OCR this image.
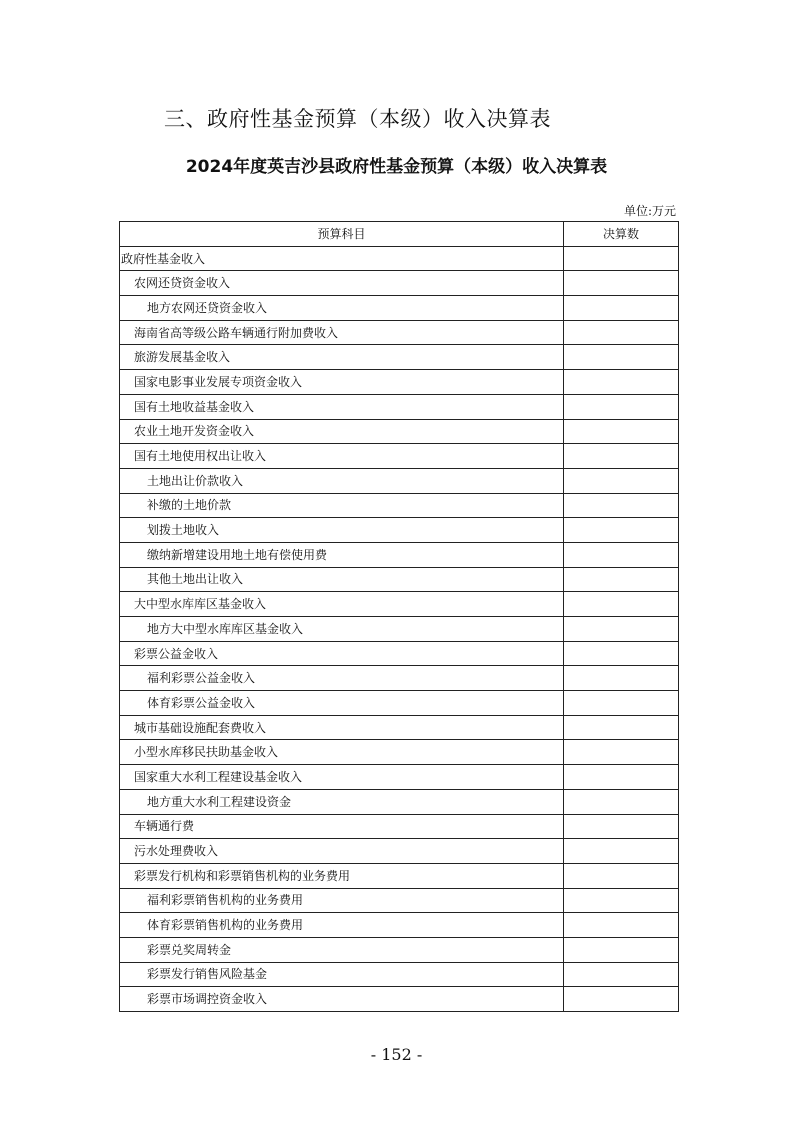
三、政府性基金预算（本级）收入决算表
2024年度英吉沙县政府性基金预算（本级）收入决算表
单位:万元
预算科目	决算数
政府性基金收入	
农网还贷资金收入	
地方农网还贷资金收入	
海南省高等级公路车辆通行附加费收入	
旅游发展基金收入	
国家电影事业发展专项资金收入	
国有土地收益基金收入	
农业土地开发资金收入	
国有土地使用权出让收入	
土地出让价款收入	
补缴的土地价款	
划拨土地收入	
缴纳新增建设用地土地有偿使用费	
其他土地出让收入	
大中型水库库区基金收入	
地方大中型水库库区基金收入	
彩票公益金收入	
福利彩票公益金收入	
体育彩票公益金收入	
城市基础设施配套费收入	
小型水库移民扶助基金收入	
国家重大水利工程建设基金收入	
地方重大水利工程建设资金	
车辆通行费	
污水处理费收入	
彩票发行机构和彩票销售机构的业务费用	
福利彩票销售机构的业务费用	
体育彩票销售机构的业务费用	
彩票兑奖周转金	
彩票发行销售风险基金	
彩票市场调控资金收入	
- 152 -
